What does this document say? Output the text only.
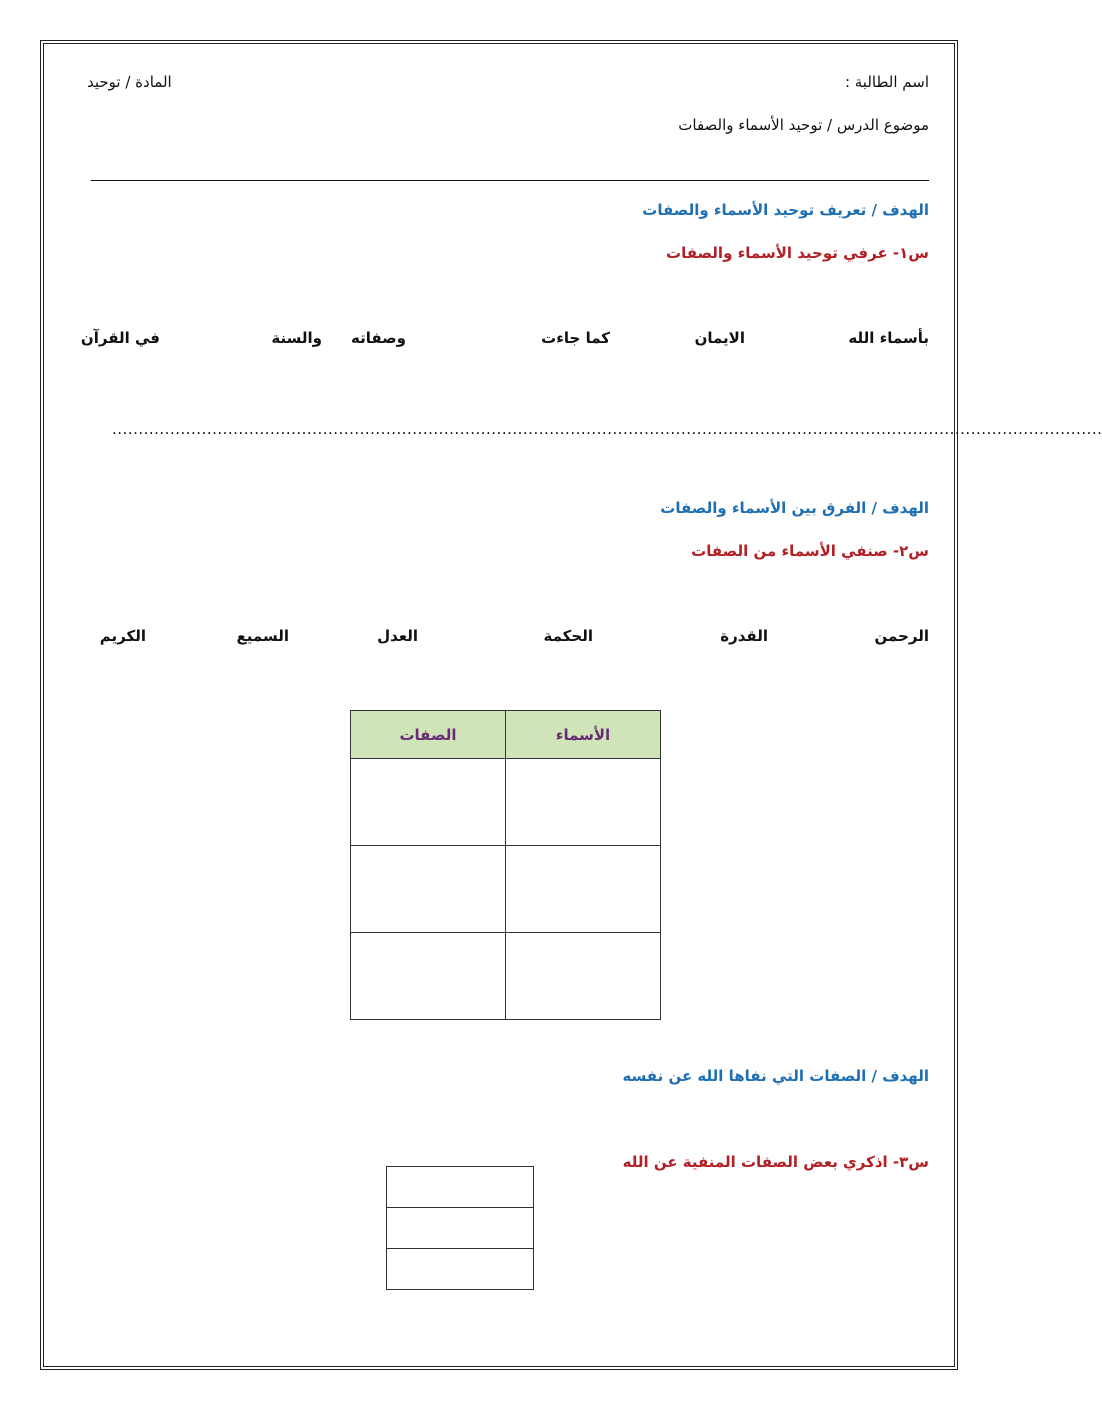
اسم الطالبة :
المادة / توحيد
موضوع الدرس / توحيد الأسماء والصفات
الهدف / تعريف توحيد الأسماء والصفات
س١- عرفي توحيد الأسماء والصفات
بأسماء الله
الايمان
كما جاءت
وصفاته
والسنة
في القرآن
............................................................................................................................................................................................
الهدف / الفرق بين الأسماء والصفات
س٢- صنفي الأسماء من الصفات
الرحمن
القدرة
الحكمة
العدل
السميع
الكريم
الصفات	الأسماء

الهدف / الصفات التي نفاها الله عن نفسه
س٣- اذكري بعض الصفات المنفية عن الله
